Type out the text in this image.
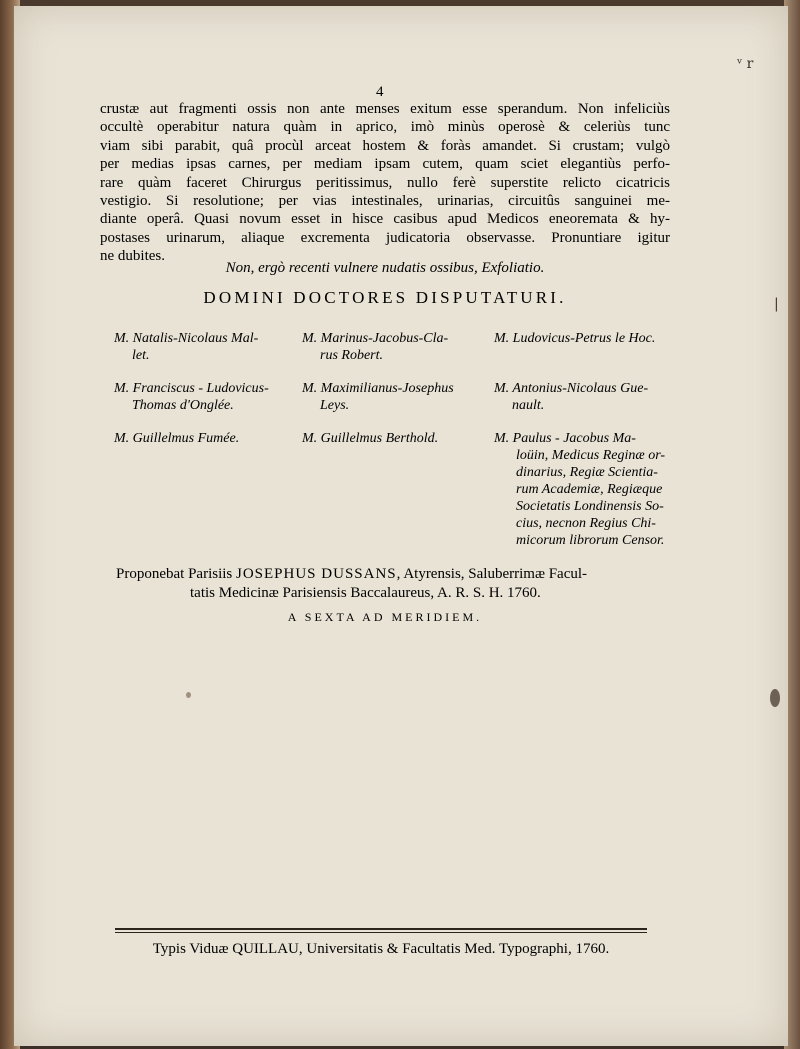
ᵛ r
|
4
crustæ aut fragmenti ossis non ante menses exitum esse sperandum. Non infeliciùs
occultè operabitur natura quàm in aprico, imò minùs operosè & celeriùs tunc
viam sibi parabit, quâ procùl arceat hostem & foràs amandet. Si crustam; vulgò
per medias ipsas carnes, per mediam ipsam cutem, quam sciet elegantiùs perfo-
rare quàm faceret Chirurgus peritissimus, nullo ferè superstite relicto cicatricis
vestigio. Si resolutione; per vias intestinales, urinarias, circuitûs sanguinei me-
diante operâ. Quasi novum esset in hisce casibus apud Medicos eneoremata & hy-
postases urinarum, aliaque excrementa judicatoria observasse. Pronuntiare igitur
ne dubites.
Non, ergò recenti vulnere nudatis ossibus, Exfoliatio.
DOMINI DOCTORES DISPUTATURI.
M. Natalis-Nicolaus Mal-
let.
M. Franciscus - Ludovicus-
Thomas d'Onglée.
M. Guillelmus Fumée.
M. Marinus-Jacobus-Cla-
rus Robert.
M. Maximilianus-Josephus
Leys.
M. Guillelmus Berthold.
M. Ludovicus-Petrus le Hoc.
M. Antonius-Nicolaus Gue-
nault.
M. Paulus - Jacobus Ma-
loüin, Medicus Reginæ or-
dinarius, Regiæ Scientia-
rum Academiæ, Regiæque
Societatis Londinensis So-
cius, necnon Regius Chi-
micorum librorum Censor.
Proponebat Parisiis JOSEPHUS DUSSANS, Atyrensis, Saluberrimæ Facul-
tatis Medicinæ Parisiensis Baccalaureus, A. R. S. H. 1760.
A SEXTA AD MERIDIEM.
Typis Viduæ QUILLAU, Universitatis & Facultatis Med. Typographi, 1760.
